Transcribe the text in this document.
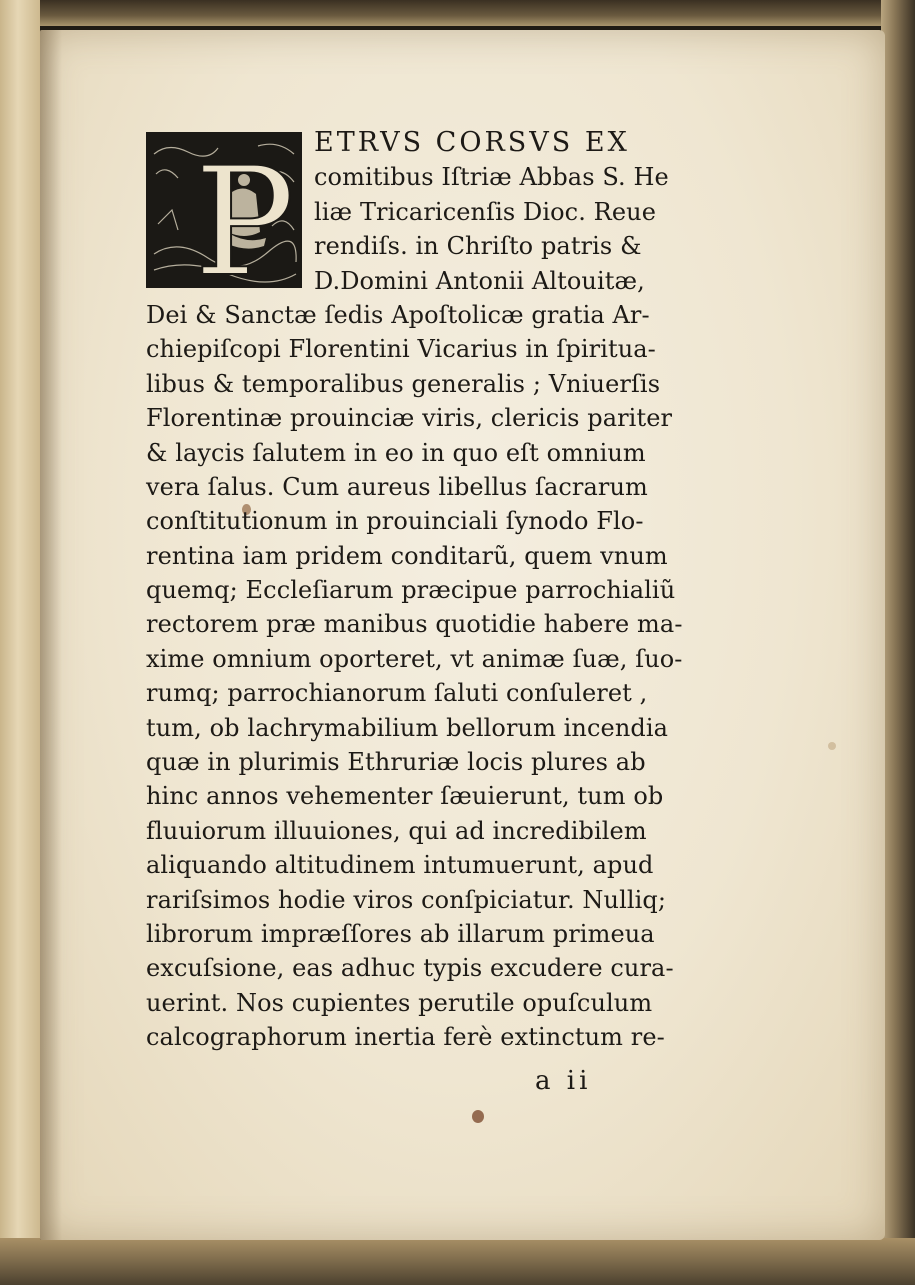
P ETRVS CORSVS EX
comitibus Iſtriæ Abbas S. He
liæ Tricaricenſis Dioc. Reue
rendiſs. in Chriſto patris &
D.Domini Antonii Altouitæ,
Dei & Sanctæ ſedis Apoſtolicæ gratia Ar-
chiepiſcopi Florentini Vicarius in ſpiritua-
libus & temporalibus generalis ; Vniuerſis
Florentinæ prouinciæ viris, clericis pariter
& laycis ſalutem in eo in quo eſt omnium
vera ſalus. Cum aureus libellus ſacrarum
conſtitutionum in prouinciali ſynodo Flo-
rentina iam pridem conditarũ, quem vnum
quemq; Eccleſiarum præcipue parrochialiũ
rectorem præ manibus quotidie habere ma-
xime omnium oporteret, vt animæ ſuæ, ſuo-
rumq; parrochianorum ſaluti conſuleret ,
tum, ob lachrymabilium bellorum incendia
quæ in plurimis Ethruriæ locis plures ab
hinc annos vehementer ſæuierunt, tum ob
fluuiorum illuuiones, qui ad incredibilem
aliquando altitudinem intumuerunt, apud
rariſsimos hodie viros conſpiciatur. Nulliq;
librorum impræſſores ab illarum primeua
excuſsione, eas adhuc typis excudere cura-
uerint. Nos cupientes perutile opuſculum
calcographorum inertia ferè extinctum re-
a ii
